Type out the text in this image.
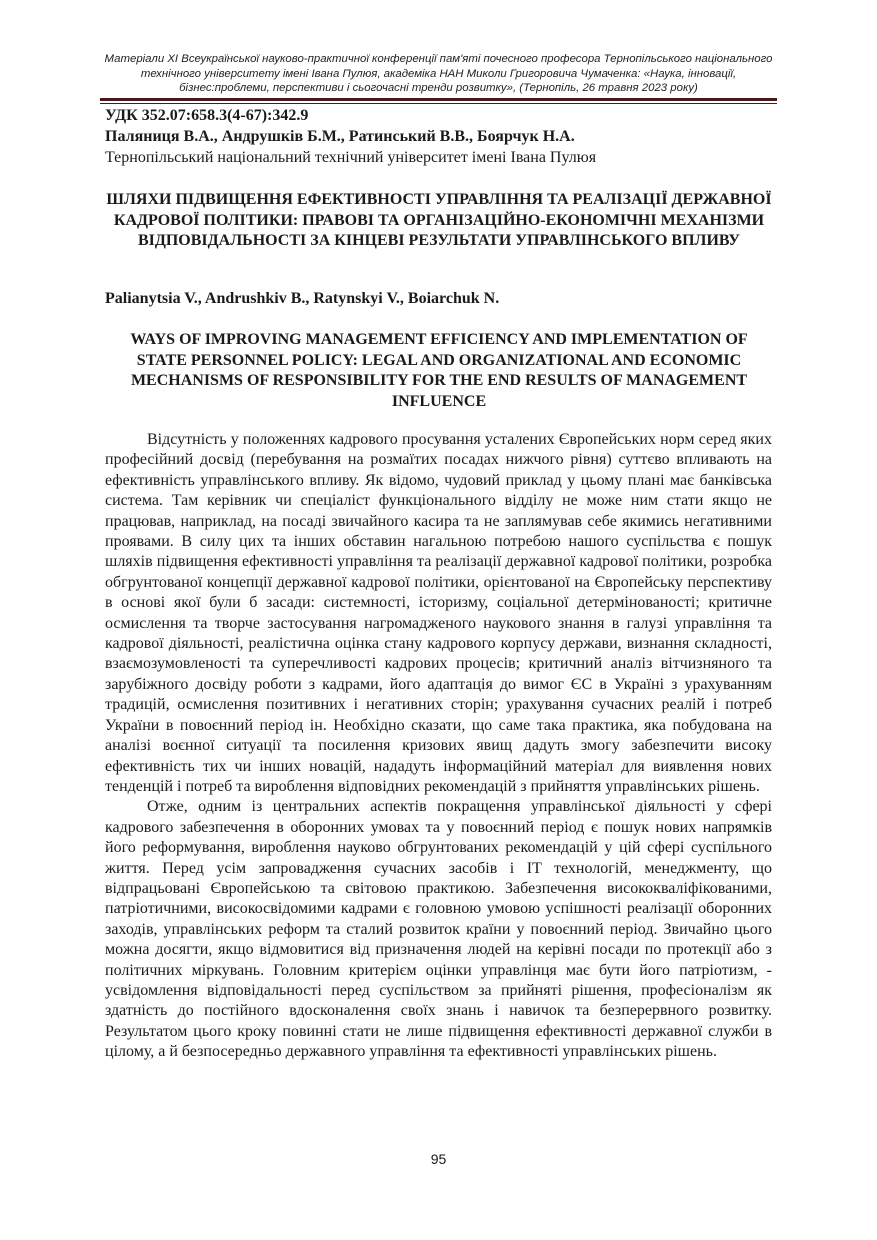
Матеріали XI Всеукраїнської науково-практичної конференції пам'яті почесного професора Тернопільського національного технічного університету імені Івана Пулюя, академіка НАН Миколи Григоровича Чумаченка: «Наука, інновації, бізнес:проблеми, перспективи і сьогочасні тренди розвитку», (Тернопіль, 26 травня 2023 року)
УДК 352.07:658.3(4-67):342.9
Паляниця В.А., Андрушків Б.М., Ратинський В.В., Боярчук Н.А.
Тернопільський національний технічний університет імені Івана Пулюя
ШЛЯХИ ПІДВИЩЕННЯ ЕФЕКТИВНОСТІ УПРАВЛІННЯ ТА РЕАЛІЗАЦІЇ ДЕРЖАВНОЇ КАДРОВОЇ ПОЛІТИКИ: ПРАВОВІ ТА ОРГАНІЗАЦІЙНО-ЕКОНОМІЧНІ МЕХАНІЗМИ ВІДПОВІДАЛЬНОСТІ ЗА КІНЦЕВІ РЕЗУЛЬТАТИ УПРАВЛІНСЬКОГО ВПЛИВУ
Palianytsia V., Andrushkiv B., Ratynskyi V., Boiarchuk N.
WAYS OF IMPROVING MANAGEMENT EFFICIENCY AND IMPLEMENTATION OF STATE PERSONNEL POLICY: LEGAL AND ORGANIZATIONAL AND ECONOMIC MECHANISMS OF RESPONSIBILITY FOR THE END RESULTS OF MANAGEMENT INFLUENCE

Відсутність у положеннях кадрового просування усталених Європейських норм серед яких професійний досвід (перебування на розмаїтих посадах нижчого рівня) суттєво впливають на ефективність управлінського впливу. Як відомо, чудовий приклад у цьому плані має банківська система. Там керівник чи спеціаліст функціонального відділу не може ним стати якщо не працював, наприклад, на посаді звичайного касира та не заплямував себе якимись негативними проявами. В силу цих та інших обставин нагальною потребою нашого суспільства є пошук шляхів підвищення ефективності управління та реалізації державної кадрової політики, розробка обгрунтованої концепції державної кадрової політики, орієнтованої на Європейську перспективу в основі якої були б засади: системності, історизму, соціальної детермінованості; критичне осмислення та творче застосування нагромадженого наукового знання в галузі управління та кадрової діяльності, реалістична оцінка стану кадрового корпусу держави, визнання складності, взаємозумовленості та суперечливості кадрових процесів; критичний аналіз вітчизняного та зарубіжного досвіду роботи з кадрами, його адаптація до вимог ЄС в Україні з урахуванням традицій, осмислення позитивних і негативних сторін; урахування сучасних реалій і потреб України в повоєнний період ін. Необхідно сказати, що саме така практика, яка побудована на аналізі воєнної ситуації та посилення кризових явищ дадуть змогу забезпечити високу ефективність тих чи інших новацій, нададуть інформаційний матеріал для виявлення нових тенденцій і потреб та вироблення відповідних рекомендацій з прийняття управлінських рішень.

Отже, одним із центральних аспектів покращення управлінської діяльності у сфері кадрового забезпечення в оборонних умовах та у повоєнний період є пошук нових напрямків його реформування, вироблення науково обгрунтованих рекомендацій у цій сфері суспільного життя. Перед усім запровадження сучасних засобів і IT технологій, менеджменту, що відпрацьовані Європейською та світовою практикою. Забезпечення висококваліфікованими, патріотичними, високосвідомими кадрами є головною умовою успішності реалізації оборонних заходів, управлінських реформ та сталий розвиток країни у повоєнний період. Звичайно цього можна досягти, якщо відмовитися від призначення людей на керівні посади по протекції або з політичних міркувань. Головним критерієм оцінки управлінця має бути його патріотизм, - усвідомлення відповідальності перед суспільством за прийняті рішення, професіоналізм як здатність до постійного вдосконалення своїх знань і навичок та безперервного розвитку. Результатом цього кроку повинні стати не лише підвищення ефективності державної служби в цілому, а й безпосередньо державного управління та ефективності управлінських рішень.

95
